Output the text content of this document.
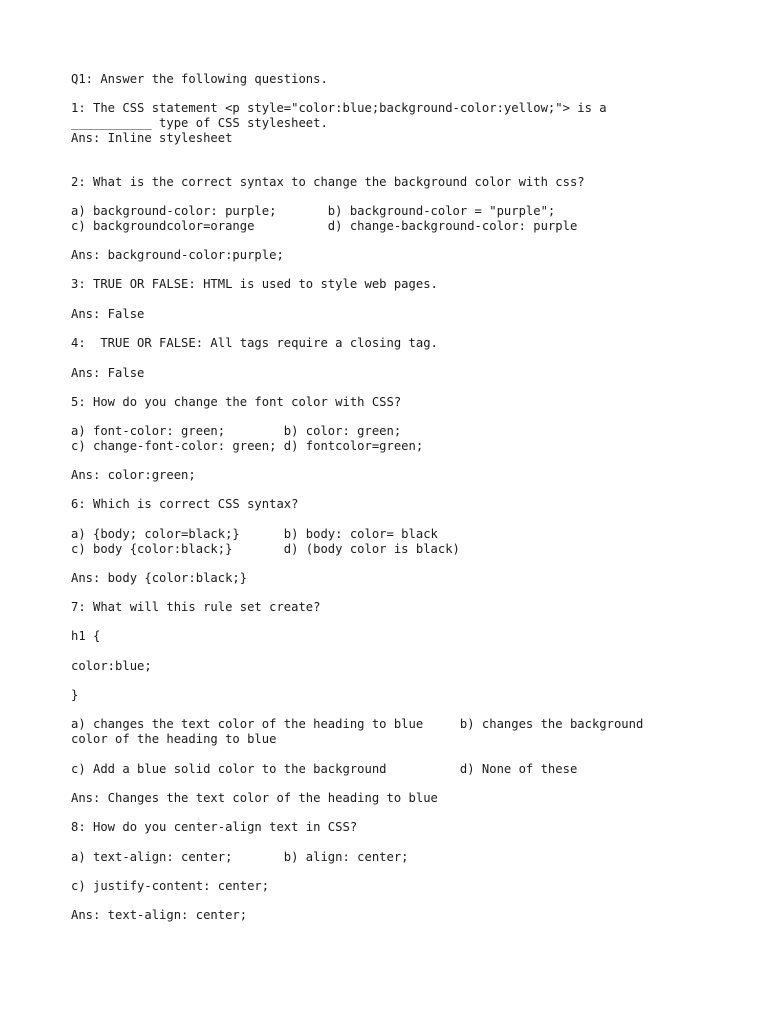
Q1: Answer the following questions.
1: The CSS statement <p style="color:blue;background-color:yellow;"> is a
___________ type of CSS stylesheet.
Ans: Inline stylesheet
2: What is the correct syntax to change the background color with css?
a) background-color: purple;       b) background-color = "purple";
c) backgroundcolor=orange          d) change-background-color: purple
Ans: background-color:purple;
3: TRUE OR FALSE: HTML is used to style web pages.
Ans: False
4:  TRUE OR FALSE: All tags require a closing tag.
Ans: False
5: How do you change the font color with CSS?
a) font-color: green;        b) color: green;
c) change-font-color: green; d) fontcolor=green;
Ans: color:green;
6: Which is correct CSS syntax?
a) {body; color=black;}      b) body: color= black
c) body {color:black;}       d) (body color is black)
Ans: body {color:black;}
7: What will this rule set create?
h1 {
color:blue;
}
a) changes the text color of the heading to blue     b) changes the background
color of the heading to blue
c) Add a blue solid color to the background          d) None of these
Ans: Changes the text color of the heading to blue
8: How do you center-align text in CSS?
a) text-align: center;       b) align: center;
c) justify-content: center;
Ans: text-align: center;
